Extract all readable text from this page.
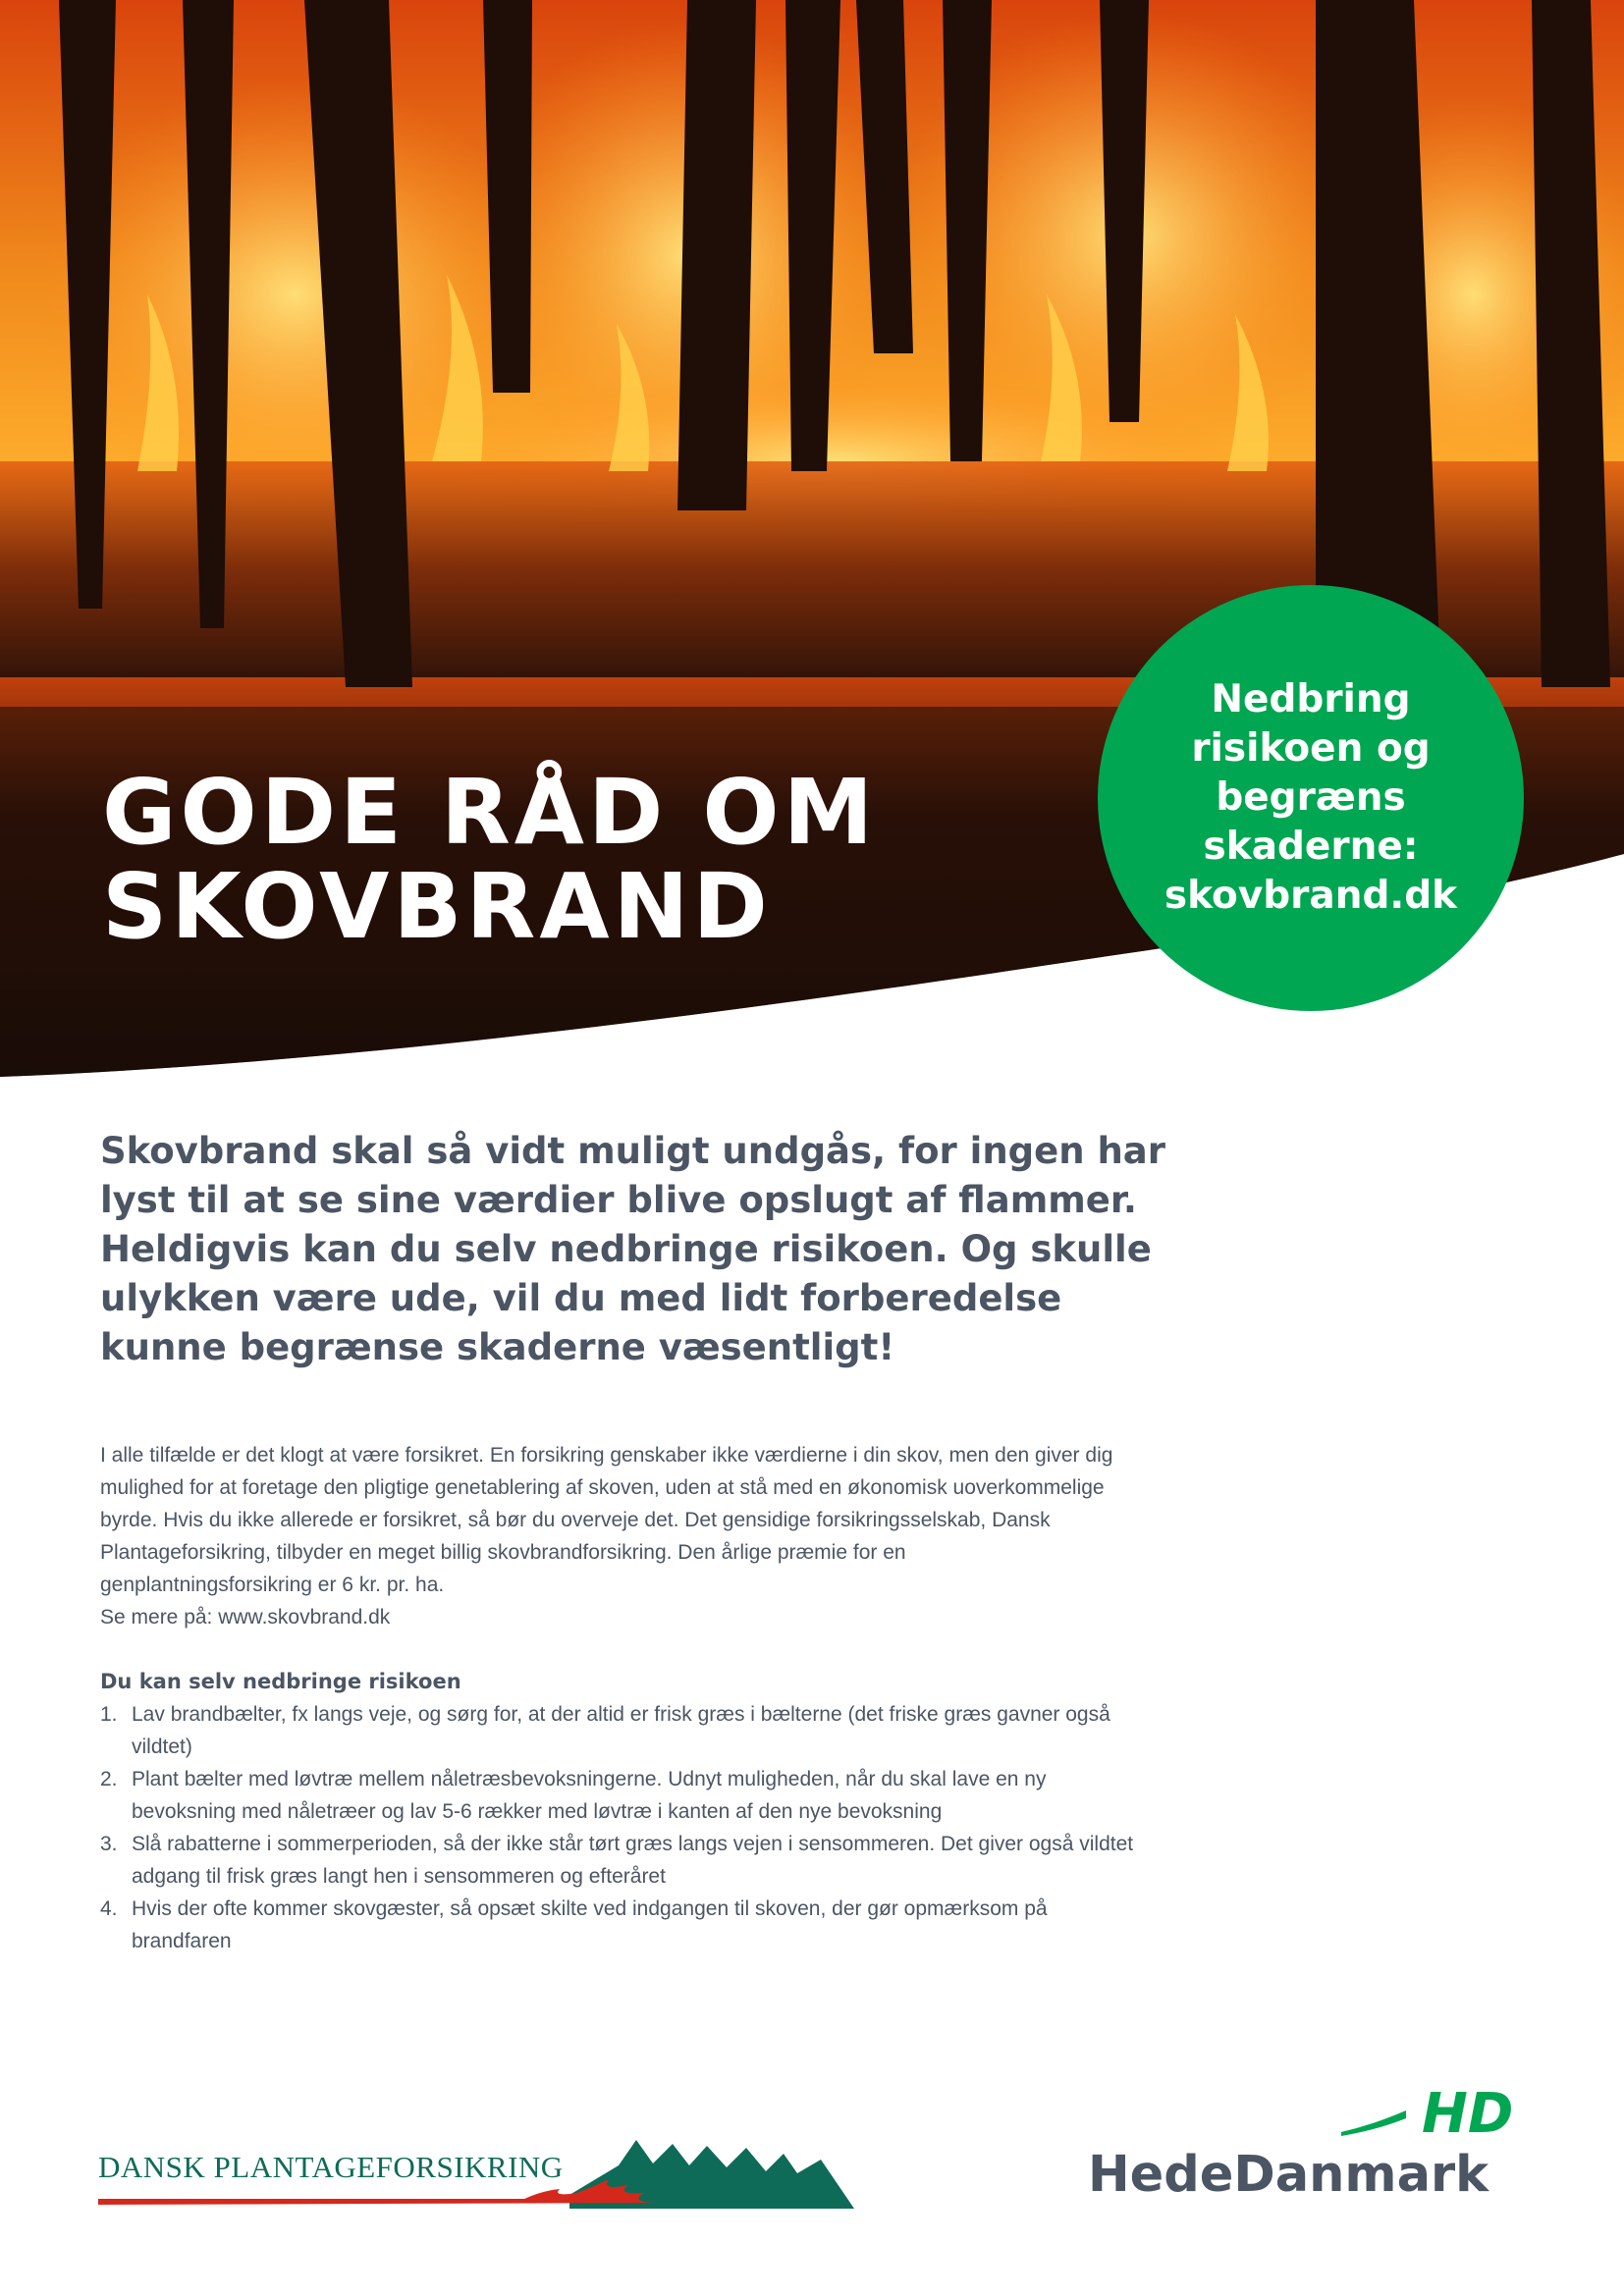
GODE RÅD OM
SKOVBRAND
Nedbring
risikoen og
begræns
skaderne:
skovbrand.dk

Skovbrand skal så vidt muligt undgås, for ingen har lyst til at se sine værdier blive opslugt af flammer. Heldigvis kan du selv nedbringe risikoen. Og skulle ulykken være ude, vil du med lidt forberedelse kunne begrænse skaderne væsentligt!

I alle tilfælde er det klogt at være forsikret. En forsikring genskaber ikke værdierne i din skov, men den giver dig mulighed for at foretage den pligtige genetablering af skoven, uden at stå med en økonomisk uoverkommelige byrde. Hvis du ikke allerede er forsikret, så bør du overveje det. Det gensidige forsikringsselskab, Dansk Plantageforsikring, tilbyder en meget billig skovbrandforsikring. Den årlige præmie for en genplantningsforsikring er 6 kr. pr. ha.
Se mere på: www.skovbrand.dk
Du kan selv nedbringe risikoen
1. Lav brandbælter, fx langs veje, og sørg for, at der altid er frisk græs i bælterne (det friske græs gavner også vildtet)
2. Plant bælter med løvtræ mellem nåletræsbevoksningerne. Udnyt muligheden, når du skal lave en ny bevoksning med nåletræer og lav 5-6 rækker med løvtræ i kanten af den nye bevoksning
3. Slå rabatterne i sommerperioden, så der ikke står tørt græs langs vejen i sensommeren. Det giver også vildtet adgang til frisk græs langt hen i sensommeren og efteråret
4. Hvis der ofte kommer skovgæster, så opsæt skilte ved indgangen til skoven, der gør opmærksom på brandfaren
DANSK PLANTAGEFORSIKRING
HD
HedeDanmark
